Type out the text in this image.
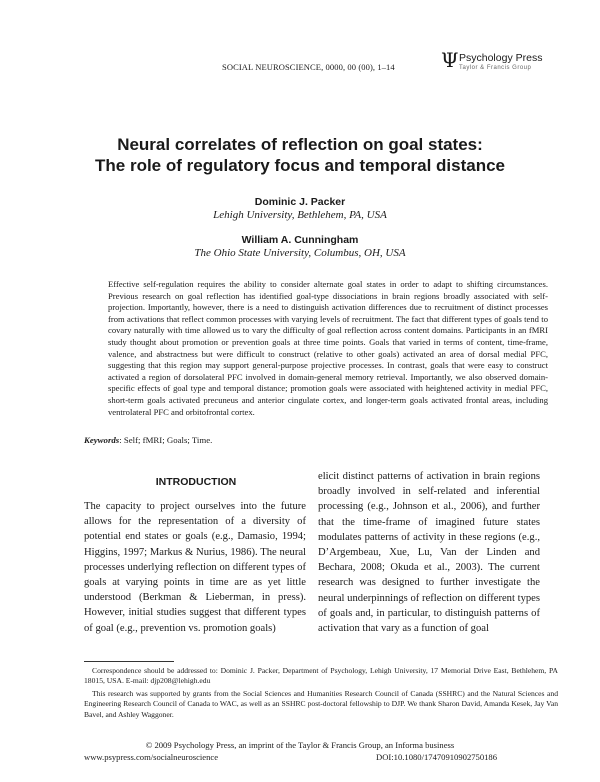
SOCIAL NEUROSCIENCE, 0000, 00 (00), 1–14 Ψ Psychology Press
Taylor & Francis Group
Neural correlates of reflection on goal states:
The role of regulatory focus and temporal distance
Dominic J. Packer
Lehigh University, Bethlehem, PA, USA
William A. Cunningham
The Ohio State University, Columbus, OH, USA
Effective self-regulation requires the ability to consider alternate goal states in order to adapt to shifting circumstances. Previous research on goal reflection has identified goal-type dissociations in brain regions broadly associated with self-projection. Importantly, however, there is a need to distinguish activation differences due to recruitment of distinct processes from activations that reflect common processes with varying levels of recruitment. The fact that different types of goals tend to covary naturally with time allowed us to vary the difficulty of goal reflection across content domains. Participants in an fMRI study thought about promotion or prevention goals at three time points. Goals that varied in terms of content, time-frame, valence, and abstractness but were difficult to construct (relative to other goals) activated an area of dorsal medial PFC, suggesting that this region may support general-purpose projective processes. In contrast, goals that were easy to construct activated a region of dorsolateral PFC involved in domain-general memory retrieval. Importantly, we also observed domain-specific effects of goal type and temporal distance; promotion goals were associated with heightened activity in medial PFC, short-term goals activated precuneus and anterior cingulate cortex, and longer-term goals activated frontal areas, including ventrolateral PFC and orbitofrontal cortex.
Keywords: Self; fMRI; Goals; Time.
INTRODUCTION
The capacity to project ourselves into the future allows for the representation of a diversity of potential end states or goals (e.g., Damasio, 1994; Higgins, 1997; Markus & Nurius, 1986). The neural processes underlying reflection on different types of goals at varying points in time are as yet little understood (Berkman & Lieberman, in press). However, initial studies suggest that different types of goal (e.g., prevention vs. promotion goals)
elicit distinct patterns of activation in brain regions broadly involved in self-related and inferential processing (e.g., Johnson et al., 2006), and further that the time-frame of imagined future states modulates patterns of activity in these regions (e.g., D’Argembeau, Xue, Lu, Van der Linden and Bechara, 2008; Okuda et al., 2003). The current research was designed to further investigate the neural underpinnings of reflection on different types of goals and, in particular, to distinguish patterns of activation that vary as a function of goal
Correspondence should be addressed to: Dominic J. Packer, Department of Psychology, Lehigh University, 17 Memorial Drive East, Bethlehem, PA 18015, USA. E-mail: djp208@lehigh.edu
This research was supported by grants from the Social Sciences and Humanities Research Council of Canada (SSHRC) and the Natural Sciences and Engineering Research Council of Canada to WAC, as well as an SSHRC post-doctoral fellowship to DJP. We thank Sharon David, Amanda Kesek, Jay Van Bavel, and Ashley Waggoner.
© 2009 Psychology Press, an imprint of the Taylor & Francis Group, an Informa business
www.psypress.com/socialneuroscience	DOI:10.1080/17470910902750186
